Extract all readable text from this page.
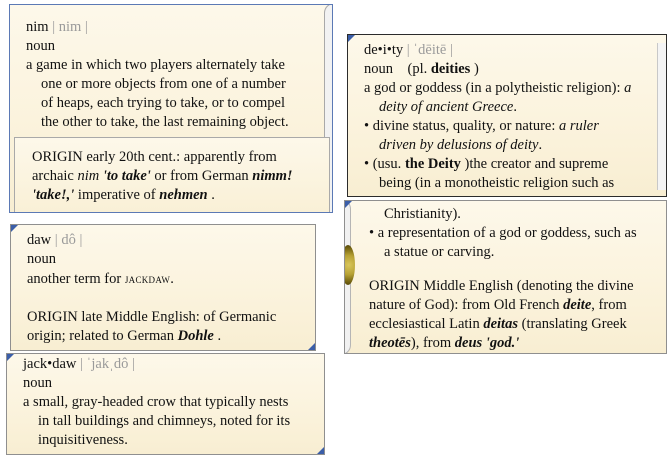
nim | nim |
noun
a game in which two players alternately take
one or more objects from one of a number
of heaps, each trying to take, or to compel
the other to take, the last remaining object.
ORIGIN early 20th cent.: apparently from
archaic nim 'to take' or from German nimm!
'take!,' imperative of nehmen .
daw | dô |
noun
another term for jackdaw.
ORIGIN late Middle English: of Germanic
origin; related to German Dohle .
jack•daw | ˈjakˌdô |
noun
a small, gray-headed crow that typically nests
in tall buildings and chimneys, noted for its
inquisitiveness.
de•i•ty | ˈdēitē |
noun (pl. deities )
a god or goddess (in a polytheistic religion): a
deity of ancient Greece.
• divine status, quality, or nature: a ruler
driven by delusions of deity.
• (usu. the Deity )the creator and supreme
being (in a monotheistic religion such as
Christianity).
• a representation of a god or goddess, such as
a statue or carving.
ORIGIN Middle English (denoting the divine
nature of God): from Old French deite, from
ecclesiastical Latin deitas (translating Greek
theotēs), from deus 'god.'
